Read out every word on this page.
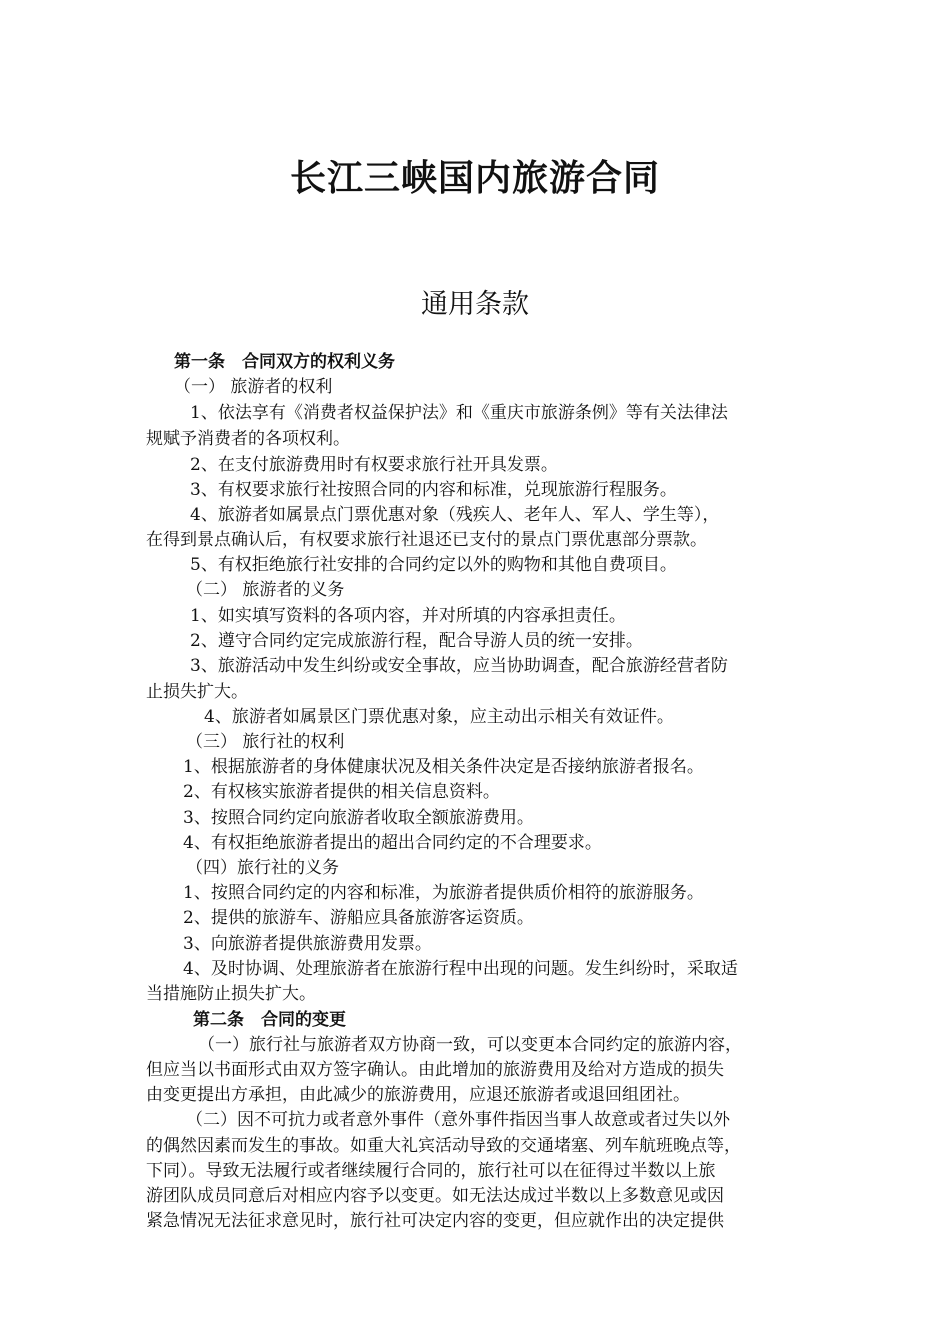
长江三峡国内旅游合同
通用条款
第一条　合同双方的权利义务
（一） 旅游者的权利
1、依法享有《消费者权益保护法》和《重庆市旅游条例》等有关法律法
规赋予消费者的各项权利。
2、在支付旅游费用时有权要求旅行社开具发票。
3、有权要求旅行社按照合同的内容和标准，兑现旅游行程服务。
4、旅游者如属景点门票优惠对象（残疾人、老年人、军人、学生等），
在得到景点确认后，有权要求旅行社退还已支付的景点门票优惠部分票款。
5、有权拒绝旅行社安排的合同约定以外的购物和其他自费项目。
（二） 旅游者的义务
1、如实填写资料的各项内容，并对所填的内容承担责任。
2、遵守合同约定完成旅游行程，配合导游人员的统一安排。
3、旅游活动中发生纠纷或安全事故，应当协助调查，配合旅游经营者防
止损失扩大。
4、旅游者如属景区门票优惠对象，应主动出示相关有效证件。
（三） 旅行社的权利
1、根据旅游者的身体健康状况及相关条件决定是否接纳旅游者报名。
2、有权核实旅游者提供的相关信息资料。
3、按照合同约定向旅游者收取全额旅游费用。
4、有权拒绝旅游者提出的超出合同约定的不合理要求。
（四）旅行社的义务
1、按照合同约定的内容和标准，为旅游者提供质价相符的旅游服务。
2、提供的旅游车、游船应具备旅游客运资质。
3、向旅游者提供旅游费用发票。
4、及时协调、处理旅游者在旅游行程中出现的问题。发生纠纷时，采取适
当措施防止损失扩大。
第二条　合同的变更
（一）旅行社与旅游者双方协商一致，可以变更本合同约定的旅游内容，
但应当以书面形式由双方签字确认。由此增加的旅游费用及给对方造成的损失
由变更提出方承担，由此减少的旅游费用，应退还旅游者或退回组团社。
（二）因不可抗力或者意外事件（意外事件指因当事人故意或者过失以外
的偶然因素而发生的事故。如重大礼宾活动导致的交通堵塞、列车航班晚点等，
下同）。导致无法履行或者继续履行合同的，旅行社可以在征得过半数以上旅
游团队成员同意后对相应内容予以变更。如无法达成过半数以上多数意见或因
紧急情况无法征求意见时，旅行社可决定内容的变更，但应就作出的决定提供
